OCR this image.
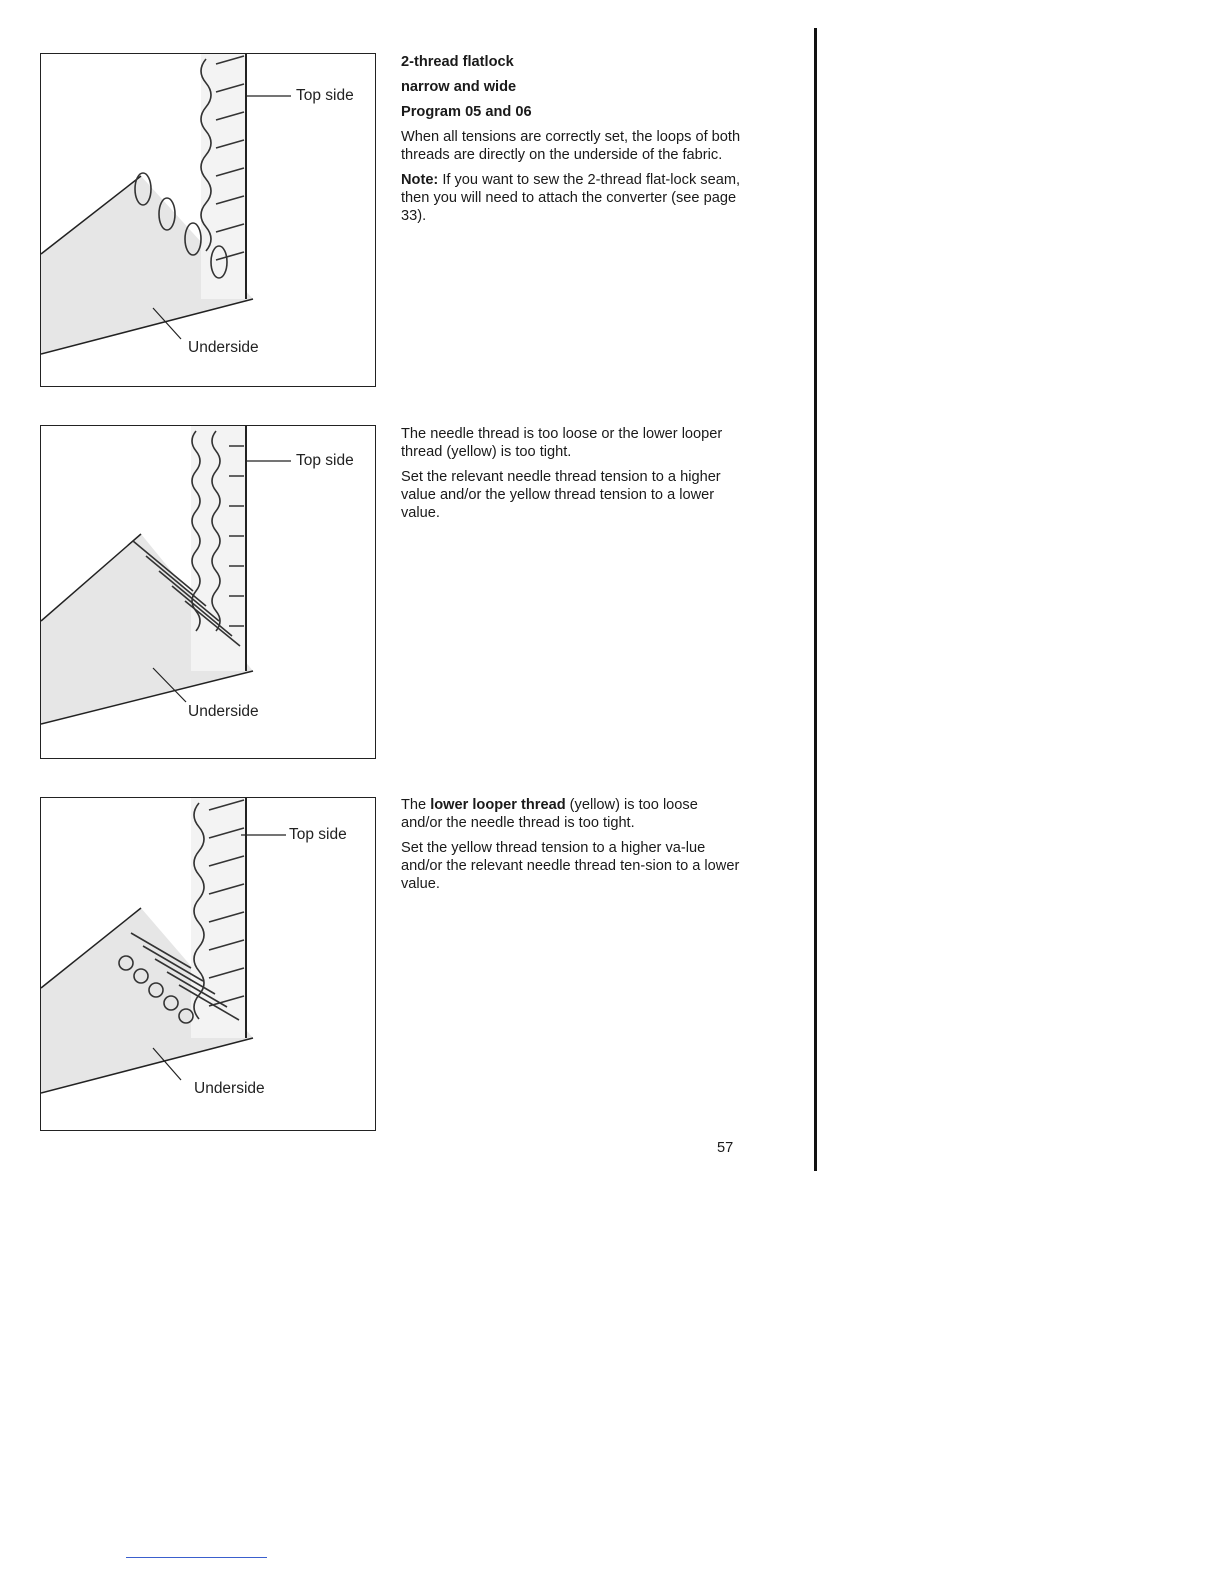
Top side
Underside
Top side
Underside
Top side
Underside
2-thread flatlock
narrow and wide
Program 05 and 06

When all tensions are correctly set, the loops of both threads are directly on the underside of the fabric.

Note: If you want to sew the 2-thread flat-lock seam, then you will need to attach the converter (see page 33).

The needle thread is too loose or the lower looper thread (yellow) is too tight.

Set the relevant needle thread tension to a higher value and/or the yellow thread tension to a lower value.

The lower looper thread (yellow) is too loose and/or the needle thread is too tight.

Set the yellow thread tension to a higher va-lue and/or the relevant needle thread ten-sion to a lower value.

57
